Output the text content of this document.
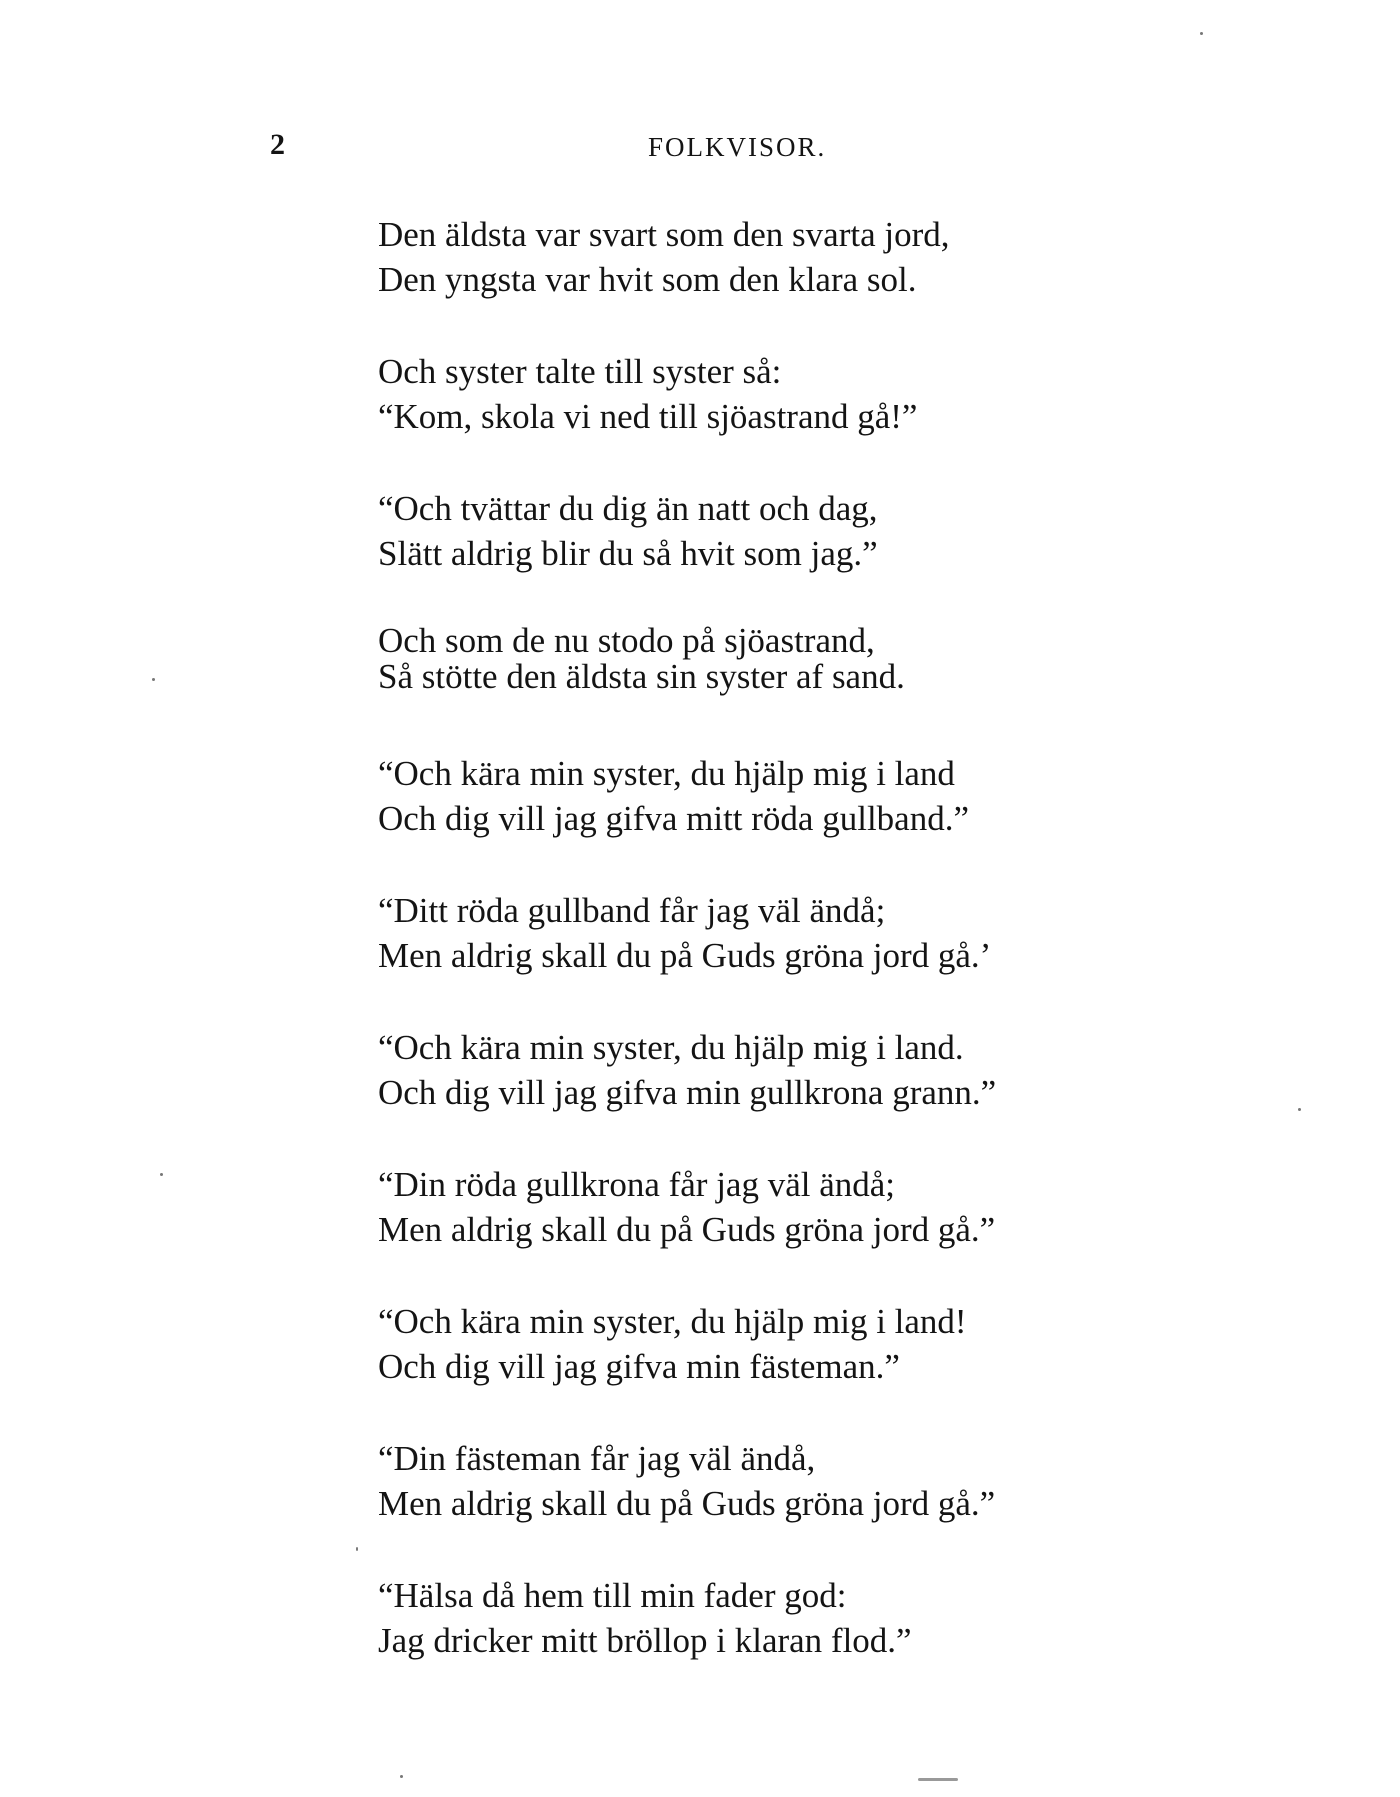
2	FOLKVISOR.
Den äldsta var svart som den svarta jord,
Den yngsta var hvit som den klara sol.
Och syster talte till syster så:
“Kom, skola vi ned till sjöastrand gå!”
“Och tvättar du dig än natt och dag,
Slätt aldrig blir du så hvit som jag.”
Och som de nu stodo på sjöastrand,
Så stötte den äldsta sin syster af sand.
“Och kära min syster, du hjälp mig i land
Och dig vill jag gifva mitt röda gullband.”
“Ditt röda gullband får jag väl ändå;
Men aldrig skall du på Guds gröna jord gå.’
“Och kära min syster, du hjälp mig i land.
Och dig vill jag gifva min gullkrona grann.”
“Din röda gullkrona får jag väl ändå;
Men aldrig skall du på Guds gröna jord gå.”
“Och kära min syster, du hjälp mig i land!
Och dig vill jag gifva min fästeman.”
“Din fästeman får jag väl ändå,
Men aldrig skall du på Guds gröna jord gå.”
“Hälsa då hem till min fader god:
Jag dricker mitt bröllop i klaran flod.”
